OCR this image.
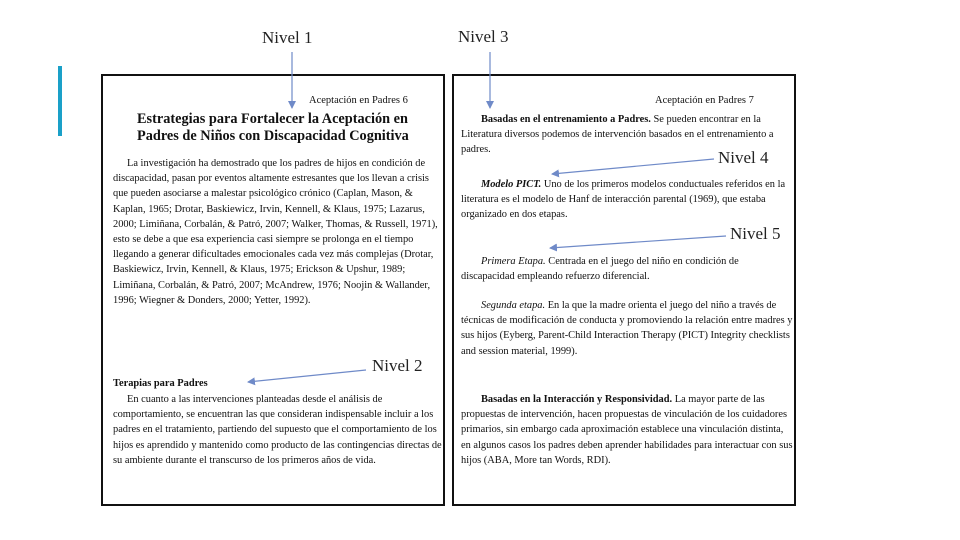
Aceptación en Padres 6
Estrategias para Fortalecer la Aceptación en Padres de Niños con Discapacidad Cognitiva

La investigación ha demostrado que los padres de hijos en condición de discapacidad, pasan por eventos altamente estresantes que los llevan a crisis que pueden asociarse a malestar psicológico crónico (Caplan, Mason, & Kaplan, 1965; Drotar, Baskiewicz, Irvin, Kennell, & Klaus, 1975; Lazarus, 2000; Limiñana, Corbalán, & Patró, 2007; Walker, Thomas, & Russell, 1971), esto se debe a que esa experiencia casi siempre se prolonga en el tiempo llegando a generar dificultades emocionales cada vez más complejas (Drotar, Baskiewicz, Irvin, Kennell, & Klaus, 1975; Erickson & Upshur, 1989; Limiñana, Corbalán, & Patró, 2007; McAndrew, 1976; Noojin & Wallander, 1996; Wiegner & Donders, 2000; Yetter, 1992).

Terapias para Padres

En cuanto a las intervenciones planteadas desde el análisis de comportamiento, se encuentran las que consideran indispensable incluir a los padres en el tratamiento, partiendo del supuesto que el comportamiento de los hijos es aprendido y mantenido como producto de las contingencias directas de su ambiente durante el transcurso de los primeros años de vida.

Aceptación en Padres 7

Basadas en el entrenamiento a Padres. Se pueden encontrar en la Literatura diversos podemos de intervención basados en el entrenamiento a padres.

Modelo PICT. Uno de los primeros modelos conductuales referidos en la literatura es el modelo de Hanf de interacción parental (1969), que estaba organizado en dos etapas.

Primera Etapa. Centrada en el juego del niño en condición de discapacidad empleando refuerzo diferencial.

Segunda etapa. En la que la madre orienta el juego del niño a través de técnicas de modificación de conducta y promoviendo la relación entre madres y sus hijos (Eyberg, Parent-Child Interaction Therapy (PICT) Integrity checklists and session material, 1999).

Basadas en la Interacción y Responsividad. La mayor parte de las propuestas de intervención, hacen propuestas de vinculación de los cuidadores primarios, sin embargo cada aproximación establece una vinculación distinta, en algunos casos los padres deben aprender habilidades para interactuar con sus hijos (ABA, More tan Words, RDI).

Nivel 1	Nivel 3
Nivel 4
Nivel 5
Nivel 2
